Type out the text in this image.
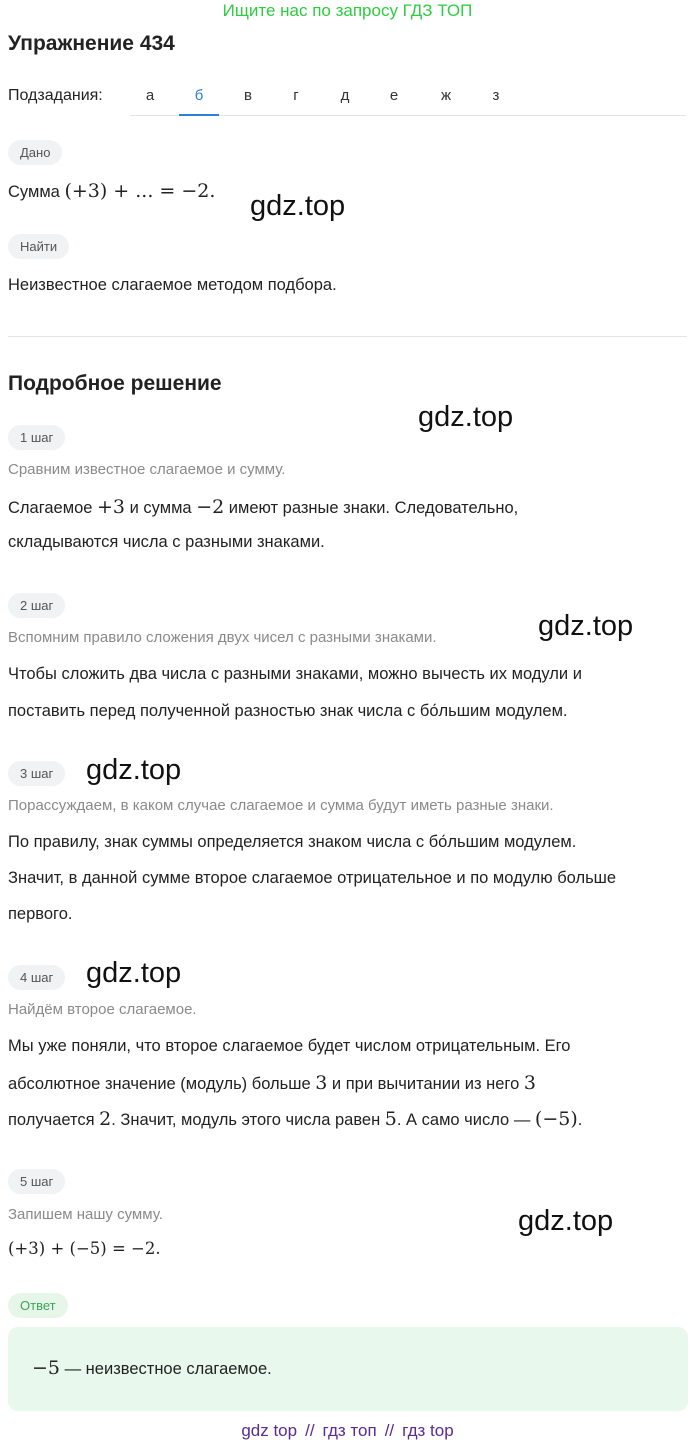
Ищите нас по запросу ГДЗ ТОП
Упражнение 434
Подзадания:	а	б	в	г	д	е	ж	з
Дано
Сумма (+3) + ... = −2.
Найти
Неизвестное слагаемое методом подбора.
Подробное решение
1 шаг
Сравним известное слагаемое и сумму.
Слагаемое +3 и сумма −2 имеют разные знаки. Следовательно,
складываются числа с разными знаками.
2 шаг
Вспомним правило сложения двух чисел с разными знаками.
Чтобы сложить два числа с разными знаками, можно вычесть их модули и
поставить перед полученной разностью знак числа с бо́льшим модулем.
3 шаг
Порассуждаем, в каком случае слагаемое и сумма будут иметь разные знаки.
По правилу, знак суммы определяется знаком числа с бо́льшим модулем.
Значит, в данной сумме второе слагаемое отрицательное и по модулю больше
первого.
4 шаг
Найдём второе слагаемое.
Мы уже поняли, что второе слагаемое будет числом отрицательным. Его
абсолютное значение (модуль) больше 3 и при вычитании из него 3
получается 2. Значит, модуль этого числа равен 5. А само число — (−5).
5 шаг
Запишем нашу сумму.
(+3) + (−5) = −2.
Ответ
−5 — неизвестное слагаемое.
gdz.top
gdz.top
gdz.top
gdz.top
gdz.top
gdz.top
gdz top // гдз топ // гдз top
